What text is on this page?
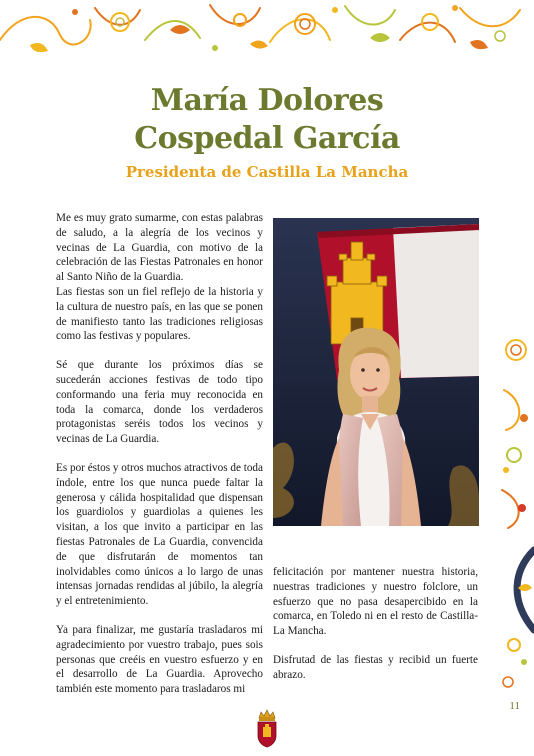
María Dolores
Cospedal García
Presidenta de Castilla La Mancha

Me es muy grato sumarme, con estas palabras de saludo, a la alegría de los vecinos y vecinas de La Guardia, con motivo de la celebración de las Fiestas Patronales en honor al Santo Niño de la Guardia.

Las fiestas son un fiel reflejo de la historia y la cultura de nuestro país, en las que se ponen de manifiesto tanto las tradiciones religiosas como las festivas y populares.

Sé que durante los próximos días se sucederán acciones festivas de todo tipo conformando una feria muy reconocida en toda la comarca, donde los verdaderos protagonistas seréis todos los vecinos y vecinas de La Guardia.

Es por éstos y otros muchos atractivos de toda índole, entre los que nunca puede faltar la generosa y cálida hospitalidad que dispensan los guardiolos y guardiolas a quienes les visitan, a los que invito a participar en las fiestas Patronales de La Guardia, convencida de que disfrutarán de momentos tan inolvidables como únicos a lo largo de unas intensas jornadas rendidas al júbilo, la alegría y el entretenimiento.

Ya para finalizar, me gustaría trasladaros mi agradecimiento por vuestro trabajo, pues sois personas que creéis en vuestro esfuerzo y en el desarrollo de La Guardia. Aprovecho también este momento para trasladaros mi

felicitación por mantener nuestra historia, nuestras tradiciones y nuestro folclore, un esfuerzo que no pasa desapercibido en la comarca, en Toledo ni en el resto de Castilla-La Mancha.

Disfrutad de las fiestas y recibid un fuerte abrazo.

11
